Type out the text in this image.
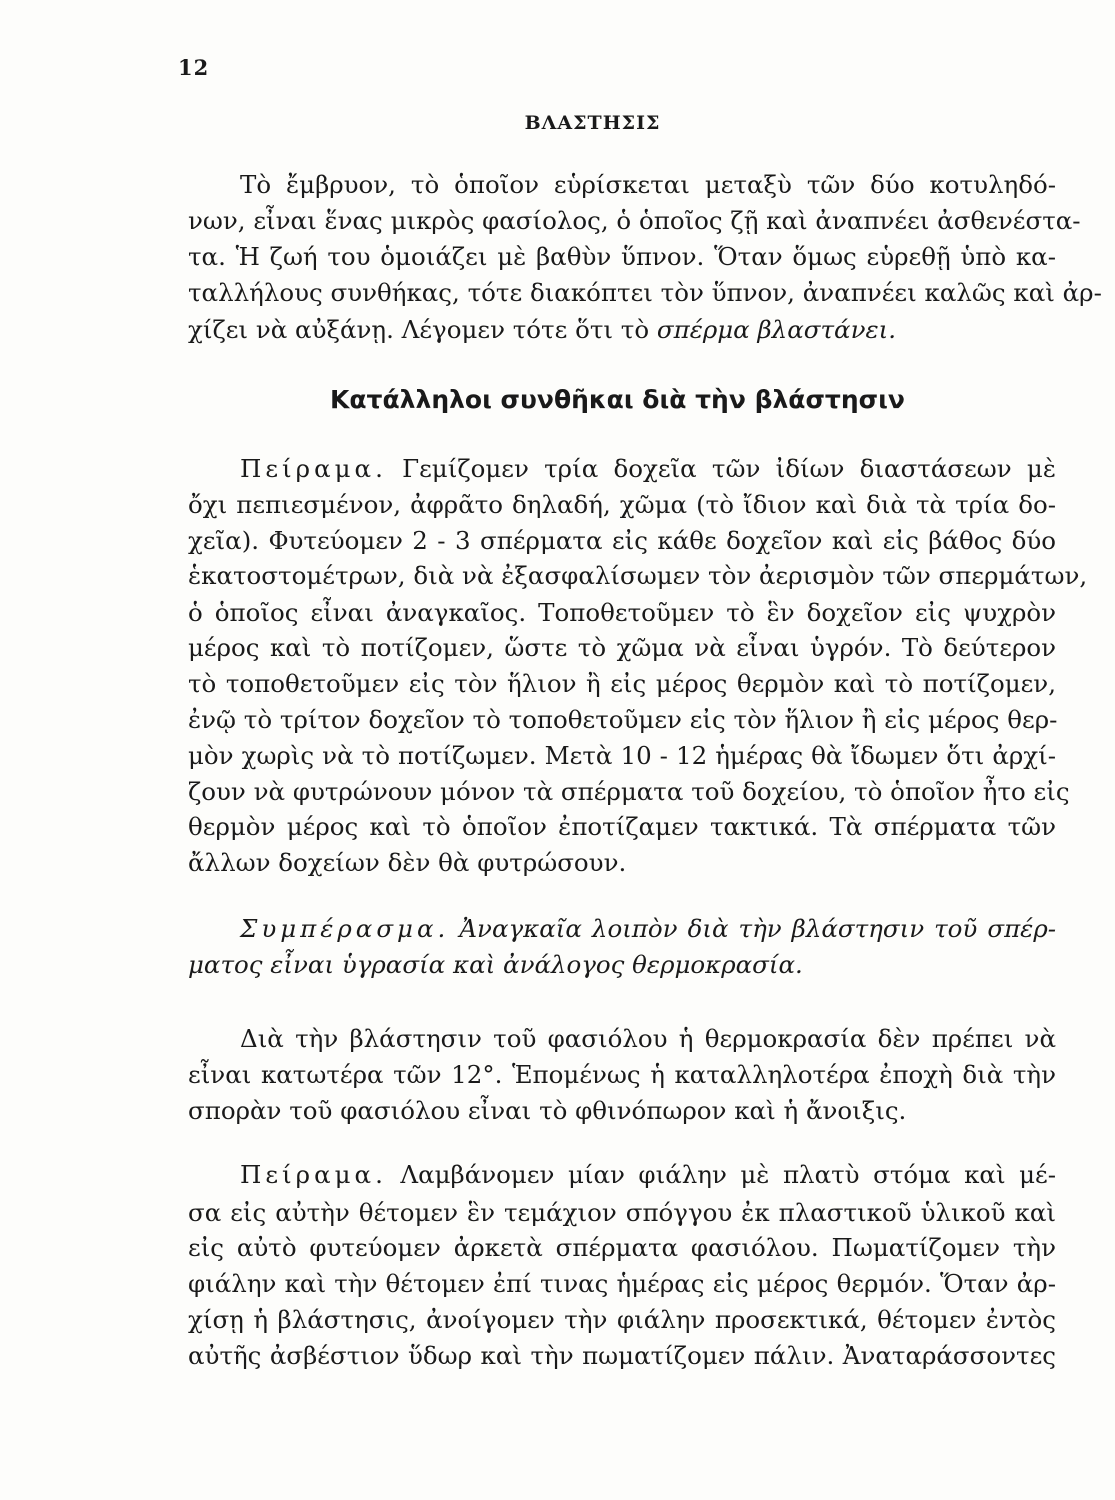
12
ΒΛΑΣΤΗΣΙΣ
Τὸ ἔμβρυον, τὸ ὁποῖον εὑρίσκεται μεταξὺ τῶν δύο κοτυληδό-
νων, εἶναι ἕνας μικρὸς φασίολος, ὁ ὁποῖος ζῇ καὶ ἀναπνέει ἀσθενέστα-
τα. Ἡ ζωή του ὁμοιάζει μὲ βαθὺν ὕπνον. Ὅταν ὅμως εὑρεθῇ ὑπὸ κα-
ταλλήλους συνθήκας, τότε διακόπτει τὸν ὕπνον, ἀναπνέει καλῶς καὶ ἀρ-
χίζει νὰ αὐξάνῃ. Λέγομεν τότε ὅτι τὸ σπέρμα βλαστάνει.
Κατάλληλοι συνθῆκαι διὰ τὴν βλάστησιν
Πείραμα. Γεμίζομεν τρία δοχεῖα τῶν ἰδίων διαστάσεων μὲ
ὄχι πεπιεσμένον, ἀφρᾶτο δηλαδή, χῶμα (τὸ ἴδιον καὶ διὰ τὰ τρία δο-
χεῖα). Φυτεύομεν 2 - 3 σπέρματα εἰς κάθε δοχεῖον καὶ εἰς βάθος δύο
ἑκατοστομέτρων, διὰ νὰ ἐξασφαλίσωμεν τὸν ἀερισμὸν τῶν σπερμάτων,
ὁ ὁποῖος εἶναι ἀναγκαῖος. Τοποθετοῦμεν τὸ ἓν δοχεῖον εἰς ψυχρὸν
μέρος καὶ τὸ ποτίζομεν, ὥστε τὸ χῶμα νὰ εἶναι ὑγρόν. Τὸ δεύτερον
τὸ τοποθετοῦμεν εἰς τὸν ἥλιον ἢ εἰς μέρος θερμὸν καὶ τὸ ποτίζομεν,
ἐνῷ τὸ τρίτον δοχεῖον τὸ τοποθετοῦμεν εἰς τὸν ἥλιον ἢ εἰς μέρος θερ-
μὸν χωρὶς νὰ τὸ ποτίζωμεν. Μετὰ 10 - 12 ἡμέρας θὰ ἴδωμεν ὅτι ἀρχί-
ζουν νὰ φυτρώνουν μόνον τὰ σπέρματα τοῦ δοχείου, τὸ ὁποῖον ἦτο εἰς
θερμὸν μέρος καὶ τὸ ὁποῖον ἐποτίζαμεν τακτικά. Τὰ σπέρματα τῶν
ἄλλων δοχείων δὲν θὰ φυτρώσουν.
Συμπέρασμα. Ἀναγκαῖα λοιπὸν διὰ τὴν βλάστησιν τοῦ σπέρ-
ματος εἶναι ὑγρασία καὶ ἀνάλογος θερμοκρασία.
Διὰ τὴν βλάστησιν τοῦ φασιόλου ἡ θερμοκρασία δὲν πρέπει νὰ
εἶναι κατωτέρα τῶν 12°. Ἑπομένως ἡ καταλληλοτέρα ἐποχὴ διὰ τὴν
σπορὰν τοῦ φασιόλου εἶναι τὸ φθινόπωρον καὶ ἡ ἄνοιξις.
Πείραμα. Λαμβάνομεν μίαν φιάλην μὲ πλατὺ στόμα καὶ μέ-
σα εἰς αὐτὴν θέτομεν ἓν τεμάχιον σπόγγου ἐκ πλαστικοῦ ὑλικοῦ καὶ
εἰς αὐτὸ φυτεύομεν ἀρκετὰ σπέρματα φασιόλου. Πωματίζομεν τὴν
φιάλην καὶ τὴν θέτομεν ἐπί τινας ἡμέρας εἰς μέρος θερμόν. Ὅταν ἀρ-
χίσῃ ἡ βλάστησις, ἀνοίγομεν τὴν φιάλην προσεκτικά, θέτομεν ἐντὸς
αὐτῆς ἀσβέστιον ὕδωρ καὶ τὴν πωματίζομεν πάλιν. Ἀναταράσσοντες
